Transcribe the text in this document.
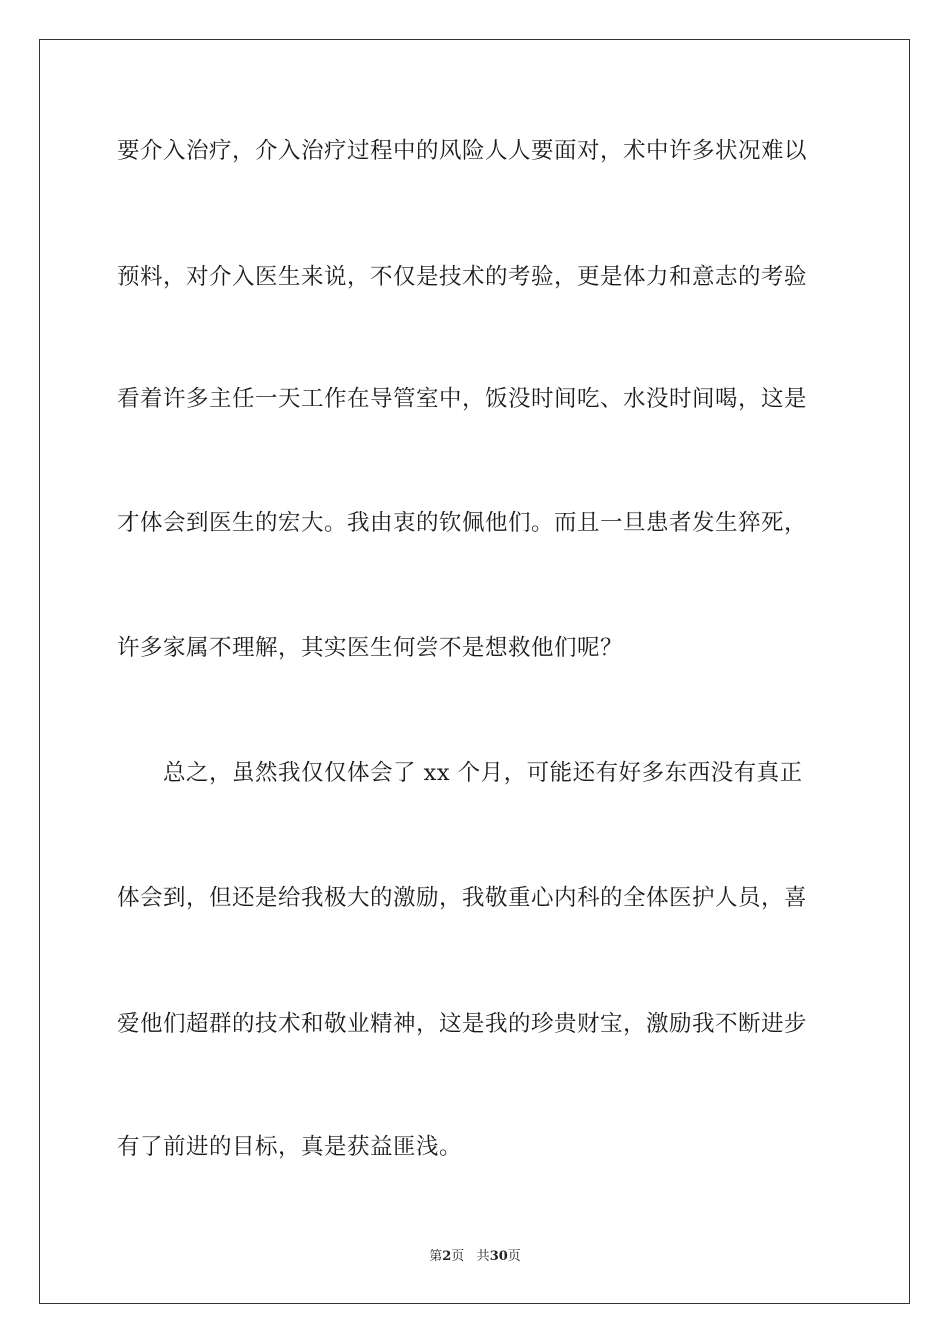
要介入治疗，介入治疗过程中的风险人人要面对，术中许多状况难以
预料，对介入医生来说，不仅是技术的考验，更是体力和意志的考验
看着许多主任一天工作在导管室中，饭没时间吃、水没时间喝，这是
才体会到医生的宏大。我由衷的钦佩他们。而且一旦患者发生猝死，
许多家属不理解，其实医生何尝不是想救他们呢？
总之，虽然我仅仅体会了 xx 个月，可能还有好多东西没有真正
体会到，但还是给我极大的激励，我敬重心内科的全体医护人员，喜
爱他们超群的技术和敬业精神，这是我的珍贵财宝，激励我不断进步
有了前进的目标，真是获益匪浅。
第2页 共30页
